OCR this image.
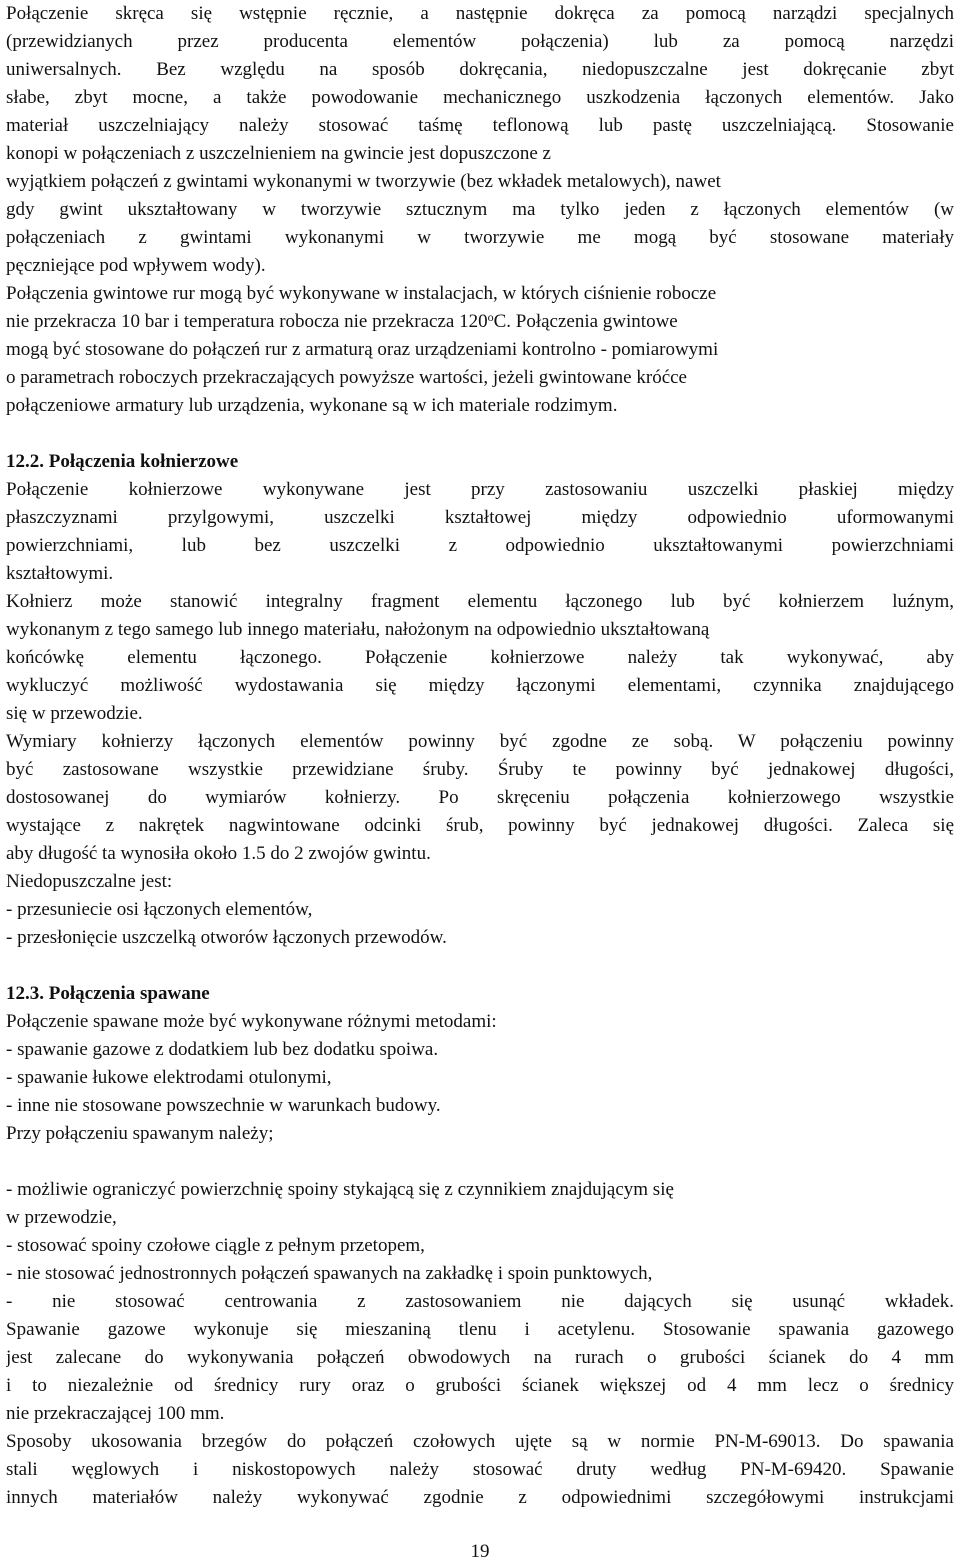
Połączenie skręca się wstępnie ręcznie, a następnie dokręca za pomocą narządzi specjalnych
(przewidzianych przez producenta elementów połączenia) lub za pomocą narzędzi
uniwersalnych. Bez względu na sposób dokręcania, niedopuszczalne jest dokręcanie zbyt
słabe, zbyt mocne, a także powodowanie mechanicznego uszkodzenia łączonych elementów. Jako
materiał uszczelniający należy stosować taśmę teflonową lub pastę uszczelniającą. Stosowanie
konopi w połączeniach z uszczelnieniem na gwincie jest dopuszczone z
wyjątkiem połączeń z gwintami wykonanymi w tworzywie (bez wkładek metalowych), nawet
gdy gwint ukształtowany w tworzywie sztucznym ma tylko jeden z łączonych elementów (w
połączeniach z gwintami wykonanymi w tworzywie me mogą być stosowane materiały
pęczniejące pod wpływem wody).
Połączenia gwintowe rur mogą być wykonywane w instalacjach, w których ciśnienie robocze
nie przekracza 10 bar i temperatura robocza nie przekracza 120$^o$C. Połączenia gwintowe
mogą być stosowane do połączeń rur z armaturą oraz urządzeniami kontrolno - pomiarowymi
o parametrach roboczych przekraczających powyższe wartości, jeżeli gwintowane króćce
połączeniowe armatury lub urządzenia, wykonane są w ich materiale rodzimym.
12.2. Połączenia kołnierzowe
Połączenie kołnierzowe wykonywane jest przy zastosowaniu uszczelki płaskiej między
płaszczyznami przylgowymi, uszczelki kształtowej między odpowiednio uformowanymi
powierzchniami, lub bez uszczelki z odpowiednio ukształtowanymi powierzchniami
kształtowymi.
Kołnierz może stanowić integralny fragment elementu łączonego lub być kołnierzem luźnym,
wykonanym z tego samego lub innego materiału, nałożonym na odpowiednio ukształtowaną
końcówkę elementu łączonego. Połączenie kołnierzowe należy tak wykonywać, aby
wykluczyć możliwość wydostawania się między łączonymi elementami, czynnika znajdującego
się w przewodzie.
Wymiary kołnierzy łączonych elementów powinny być zgodne ze sobą. W połączeniu powinny
być zastosowane wszystkie przewidziane śruby. Śruby te powinny być jednakowej długości,
dostosowanej do wymiarów kołnierzy. Po skręceniu połączenia kołnierzowego wszystkie
wystające z nakrętek nagwintowane odcinki śrub, powinny być jednakowej długości. Zaleca się
aby długość ta wynosiła około 1.5 do 2 zwojów gwintu.
Niedopuszczalne jest:
- przesuniecie osi łączonych elementów,
- przesłonięcie uszczelką otworów łączonych przewodów.
12.3. Połączenia spawane
Połączenie spawane może być wykonywane różnymi metodami:
- spawanie gazowe z dodatkiem lub bez dodatku spoiwa.
- spawanie łukowe elektrodami otulonymi,
- inne nie stosowane powszechnie w warunkach budowy.
Przy połączeniu spawanym należy;
- możliwie ograniczyć powierzchnię spoiny stykającą się z czynnikiem znajdującym się
w przewodzie,
- stosować spoiny czołowe ciągle z pełnym przetopem,
- nie stosować jednostronnych połączeń spawanych na zakładkę i spoin punktowych,
- nie stosować centrowania z zastosowaniem nie dających się usunąć wkładek.
Spawanie gazowe wykonuje się mieszaniną tlenu i acetylenu. Stosowanie spawania gazowego
jest zalecane do wykonywania połączeń obwodowych na rurach o grubości ścianek do 4 mm
i to niezależnie od średnicy rury oraz o grubości ścianek większej od 4 mm lecz o średnicy
nie przekraczającej 100 mm.
Sposoby ukosowania brzegów do połączeń czołowych ujęte są w normie PN-M-69013. Do spawania
stali węglowych i niskostopowych należy stosować druty według PN-M-69420. Spawanie
innych materiałów należy wykonywać zgodnie z odpowiednimi szczegółowymi instrukcjami
19
